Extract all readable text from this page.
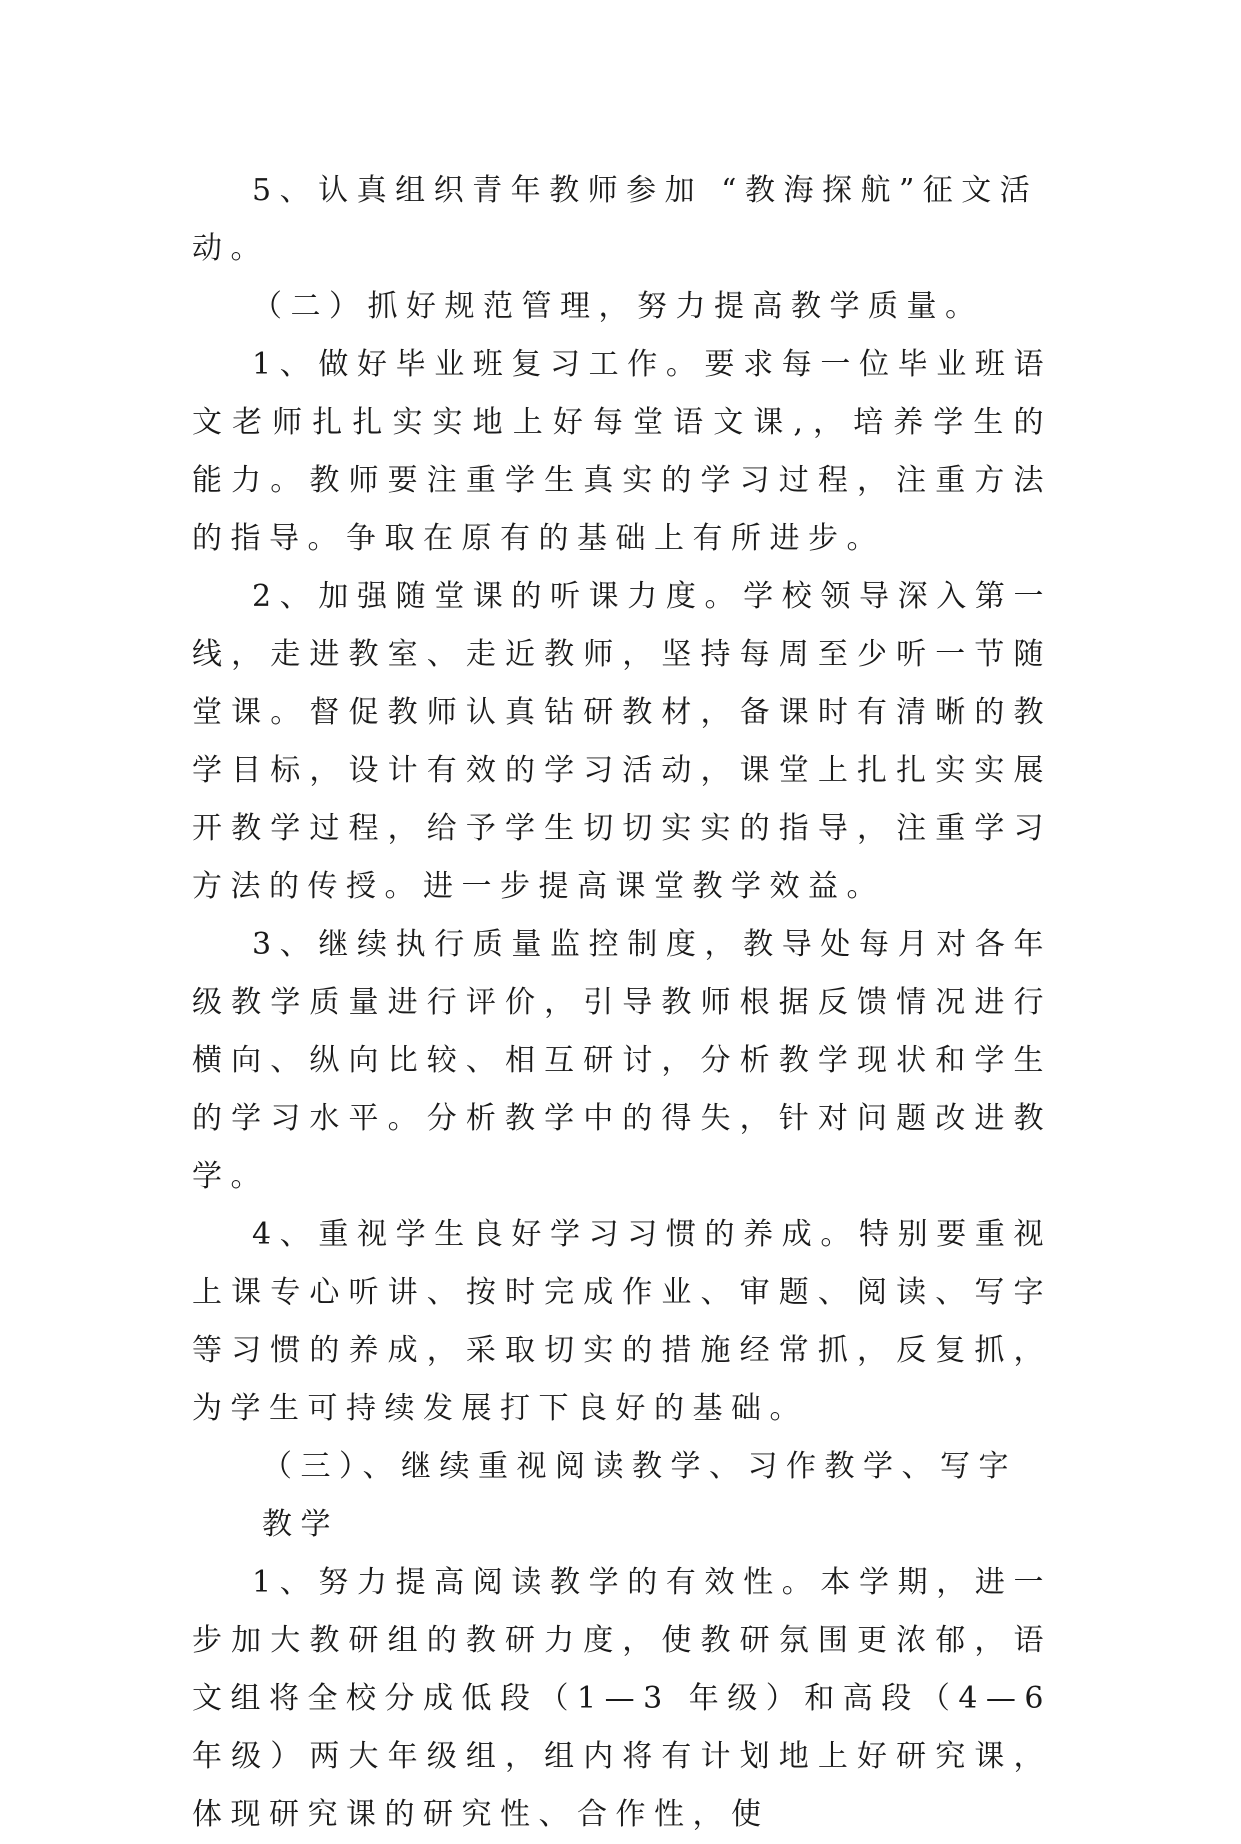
5、认真组织青年教师参加 “教海探航”征文活动。

（二）抓好规范管理，努力提高教学质量。

1、做好毕业班复习工作。要求每一位毕业班语文老师扎扎实实地上好每堂语文课,，培养学生的能力。教师要注重学生真实的学习过程，注重方法的指导。争取在原有的基础上有所进步。

2、加强随堂课的听课力度。学校领导深入第一线，走进教室、走近教师，坚持每周至少听一节随堂课。督促教师认真钻研教材，备课时有清晰的教学目标，设计有效的学习活动，课堂上扎扎实实展开教学过程，给予学生切切实实的指导，注重学习方法的传授。进一步提高课堂教学效益。

3、继续执行质量监控制度，教导处每月对各年级教学质量进行评价，引导教师根据反馈情况进行横向、纵向比较、相互研讨，分析教学现状和学生的学习水平。分析教学中的得失，针对问题改进教学。

4、重视学生良好学习习惯的养成。特别要重视上课专心听讲、按时完成作业、审题、阅读、写字等习惯的养成，采取切实的措施经常抓，反复抓，为学生可持续发展打下良好的基础。

（三）、继续重视阅读教学、习作教学、写字教学

1、努力提高阅读教学的有效性。本学期，进一步加大教研组的教研力度，使教研氛围更浓郁，语文组将全校分成低段（1—3 年级）和高段（4—6 年级）两大年级组，组内将有计划地上好研究课，体现研究课的研究性、合作性，使
